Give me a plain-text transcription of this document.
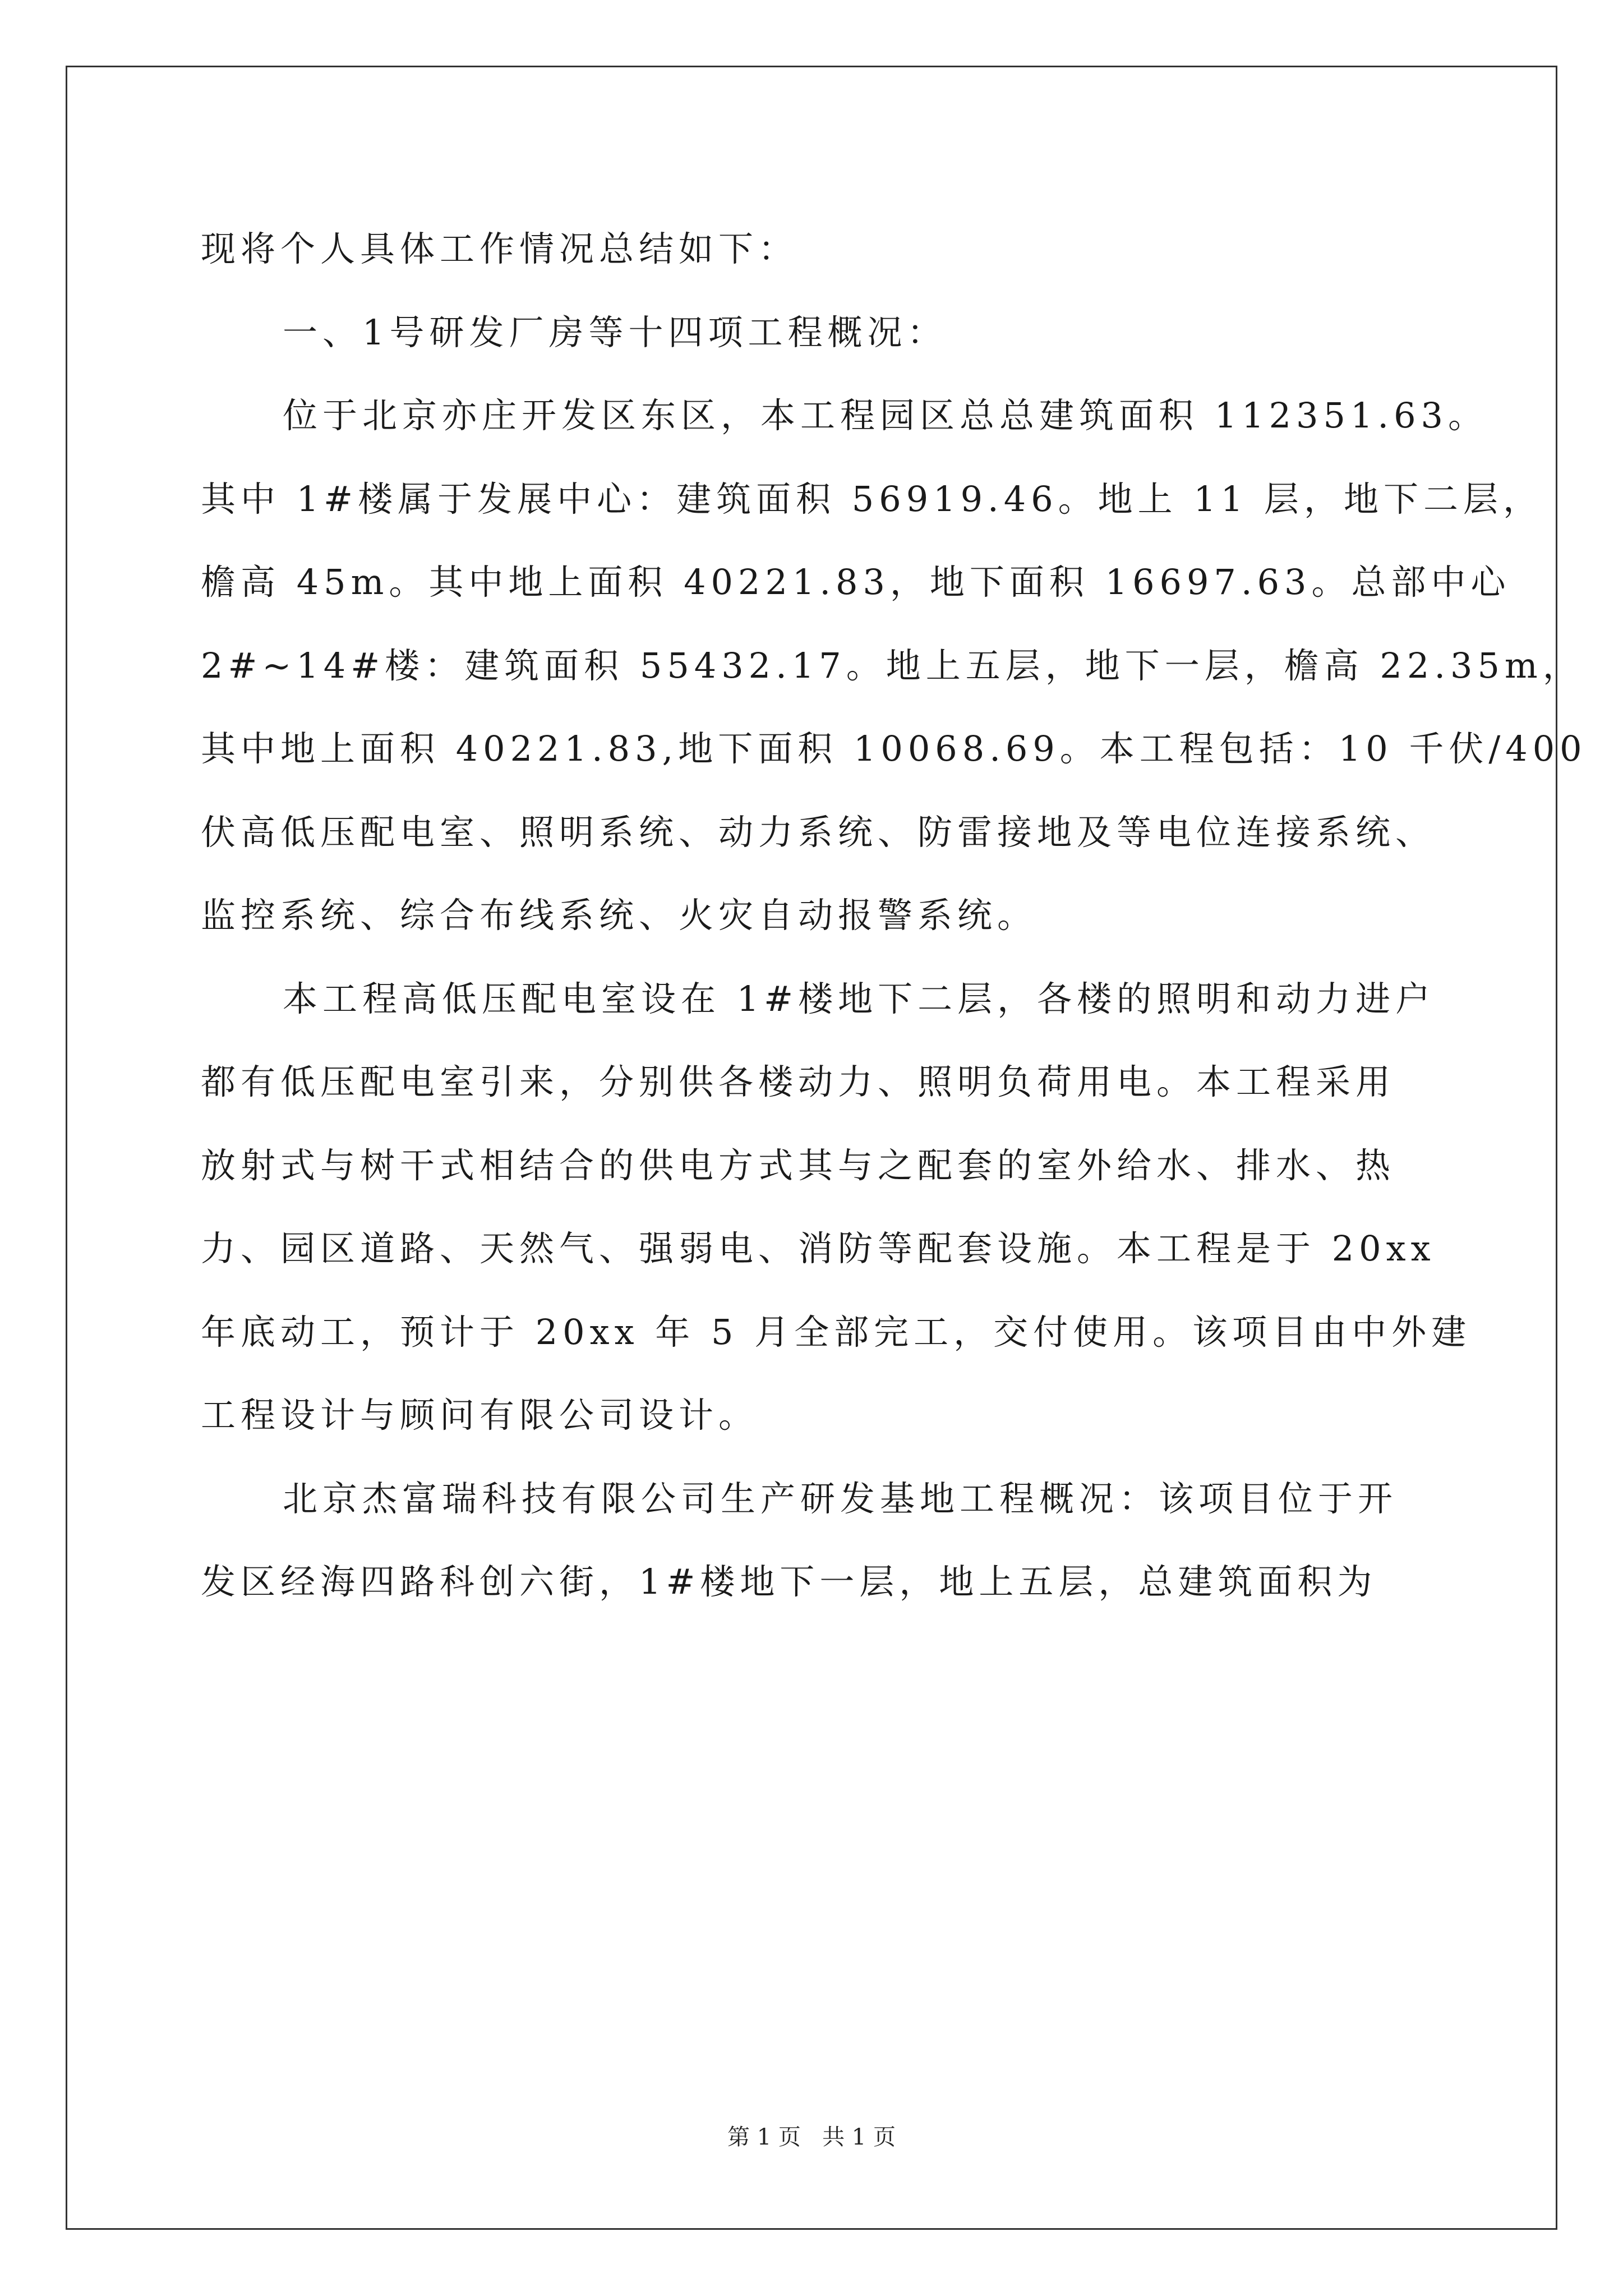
现将个人具体工作情况总结如下：
一、1号研发厂房等十四项工程概况：
位于北京亦庄开发区东区，本工程园区总总建筑面积 112351.63。
其中 1#楼属于发展中心：建筑面积 56919.46。地上 11 层，地下二层，
檐高 45m。其中地上面积 40221.83，地下面积 16697.63。总部中心
2#~14#楼：建筑面积 55432.17。地上五层，地下一层，檐高 22.35m，
其中地上面积 40221.83,地下面积 10068.69。本工程包括：10 千伏/400
伏高低压配电室、照明系统、动力系统、防雷接地及等电位连接系统、
监控系统、综合布线系统、火灾自动报警系统。
本工程高低压配电室设在 1#楼地下二层，各楼的照明和动力进户
都有低压配电室引来，分别供各楼动力、照明负荷用电。本工程采用
放射式与树干式相结合的供电方式其与之配套的室外给水、排水、热
力、园区道路、天然气、强弱电、消防等配套设施。本工程是于 20xx
年底动工，预计于 20xx 年 5 月全部完工，交付使用。该项目由中外建
工程设计与顾问有限公司设计。
北京杰富瑞科技有限公司生产研发基地工程概况：该项目位于开
发区经海四路科创六街，1#楼地下一层，地上五层，总建筑面积为
第 1 页   共 1 页
